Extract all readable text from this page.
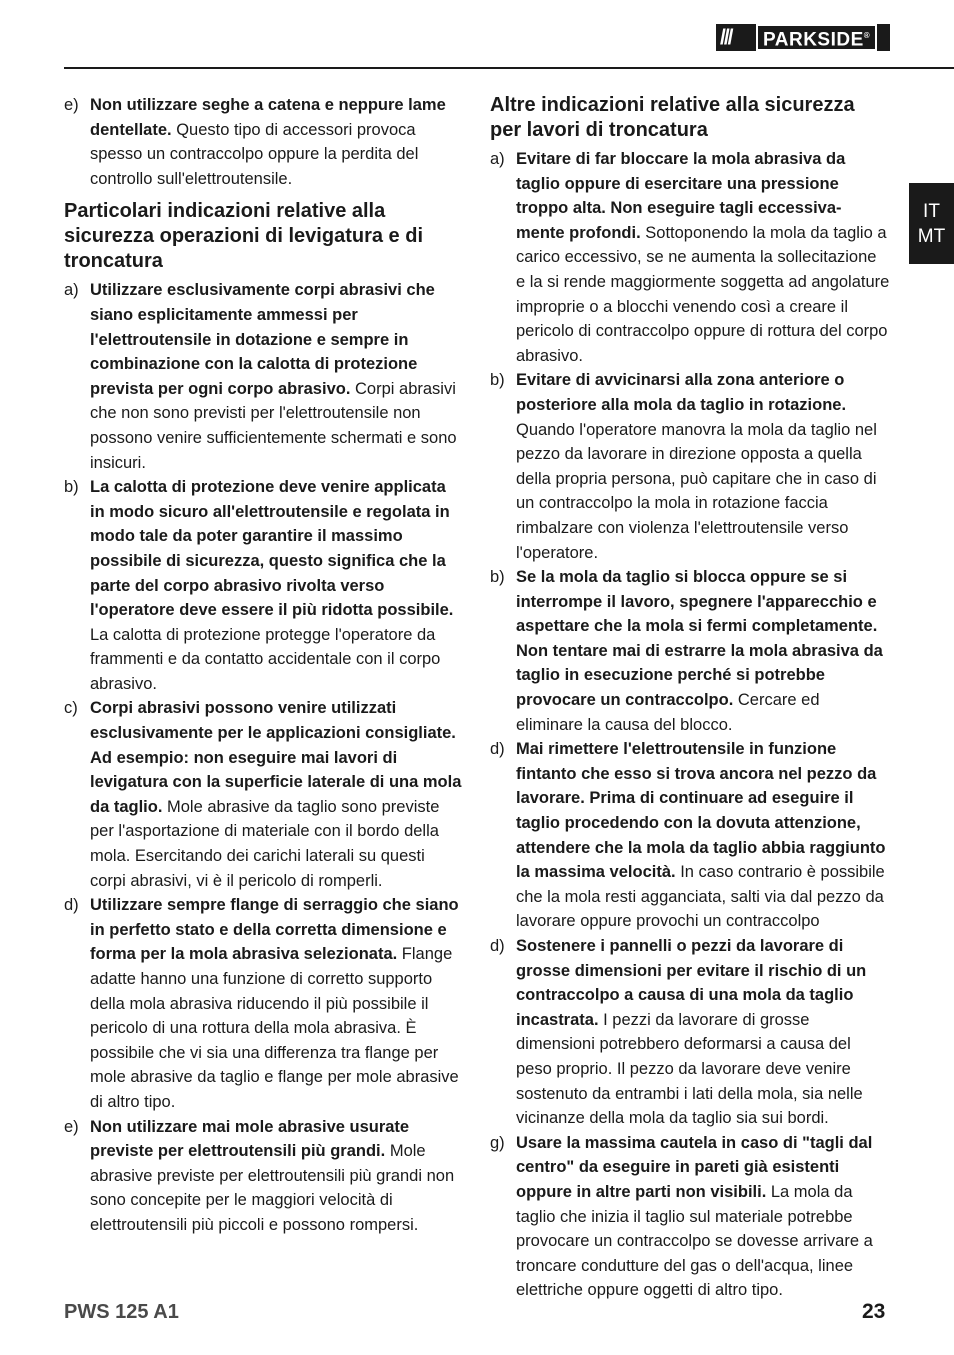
///	PARKSIDE®
IT
MT

e) Non utilizzare seghe a catena e neppure lame dentellate. Questo tipo di accessori provoca spesso un contraccolpo oppure la perdita del controllo sull'elettroutensile.

Particolari indicazioni relative alla sicurezza operazioni di levigatura e di troncatura

a) Utilizzare esclusivamente corpi abrasivi che siano esplicitamente ammessi per l'elettroutensile in dotazione e sempre in combinazione con la calotta di protezione prevista per ogni corpo abrasivo. Corpi abrasivi che non sono previsti per l'elettroutensile non possono venire sufficientemente schermati e sono insicuri.

b) La calotta di protezione deve venire applicata in modo sicuro all'elettroutensile e regolata in modo tale da poter garantire il massimo possibile di sicurezza, questo significa che la parte del corpo abrasivo rivolta verso l'operatore deve essere il più ridotta possibile. La calotta di protezione protegge l'operatore da frammenti e da contatto accidentale con il corpo abrasivo.

c) Corpi abrasivi possono venire utilizzati esclusivamente per le applicazioni consigliate. Ad esempio: non eseguire mai lavori di levigatura con la superficie laterale di una mola da taglio. Mole abrasive da taglio sono previste per l'asportazione di materiale con il bordo della mola. Esercitando dei carichi laterali su questi corpi abrasivi, vi è il pericolo di romperli.

d) Utilizzare sempre flange di serraggio che siano in perfetto stato e della corretta dimensione e forma per la mola abrasiva selezionata. Flange adatte hanno una funzione di corretto supporto della mola abrasiva riducendo il più possibile il pericolo di una rottura della mola abrasiva. È possibile che vi sia una differenza tra flange per mole abrasive da taglio e flange per mole abrasive di altro tipo.

e) Non utilizzare mai mole abrasive usurate previste per elettroutensili più grandi. Mole abrasive previste per elettroutensili più grandi non sono concepite per le maggiori velocità di elettroutensili più piccoli e possono rompersi.

Altre indicazioni relative alla sicurezza per lavori di troncatura

a) Evitare di far bloccare la mola abrasiva da taglio oppure di esercitare una pressione troppo alta. Non eseguire tagli eccessiva-mente profondi. Sottoponendo la mola da taglio a carico eccessivo, se ne aumenta la sollecitazione e la si rende maggiormente soggetta ad angolature improprie o a blocchi venendo così a creare il pericolo di contraccolpo oppure di rottura del corpo abrasivo.

b) Evitare di avvicinarsi alla zona anteriore o posteriore alla mola da taglio in rotazione. Quando l'operatore manovra la mola da taglio nel pezzo da lavorare in direzione opposta a quella della propria persona, può capitare che in caso di un contraccolpo la mola in rotazione faccia rimbalzare con violenza l'elettroutensile verso l'operatore.

b) Se la mola da taglio si blocca oppure se si interrompe il lavoro, spegnere l'apparecchio e aspettare che la mola si fermi completamente. Non tentare mai di estrarre la mola abrasiva da taglio in esecuzione perché si potrebbe provocare un contraccolpo. Cercare ed eliminare la causa del blocco.

d) Mai rimettere l'elettroutensile in funzione fintanto che esso si trova ancora nel pezzo da lavorare. Prima di continuare ad eseguire il taglio procedendo con la dovuta attenzione, attendere che la mola da taglio abbia raggiunto la massima velocità. In caso contrario è possibile che la mola resti agganciata, salti via dal pezzo da lavorare oppure provochi un contraccolpo

d) Sostenere i pannelli o pezzi da lavorare di grosse dimensioni per evitare il rischio di un contraccolpo a causa di una mola da taglio incastrata. I pezzi da lavorare di grosse dimensioni potrebbero deformarsi a causa del peso proprio. Il pezzo da lavorare deve venire sostenuto da entrambi i lati della mola, sia nelle vicinanze della mola da taglio sia sui bordi.

g) Usare la massima cautela in caso di "tagli dal centro" da eseguire in pareti già esistenti oppure in altre parti non visibili. La mola da taglio che inizia il taglio sul materiale potrebbe provocare un contraccolpo se dovesse arrivare a troncare condutture del gas o dell'acqua, linee elettriche oppure oggetti di altro tipo.

PWS 125 A1	23
